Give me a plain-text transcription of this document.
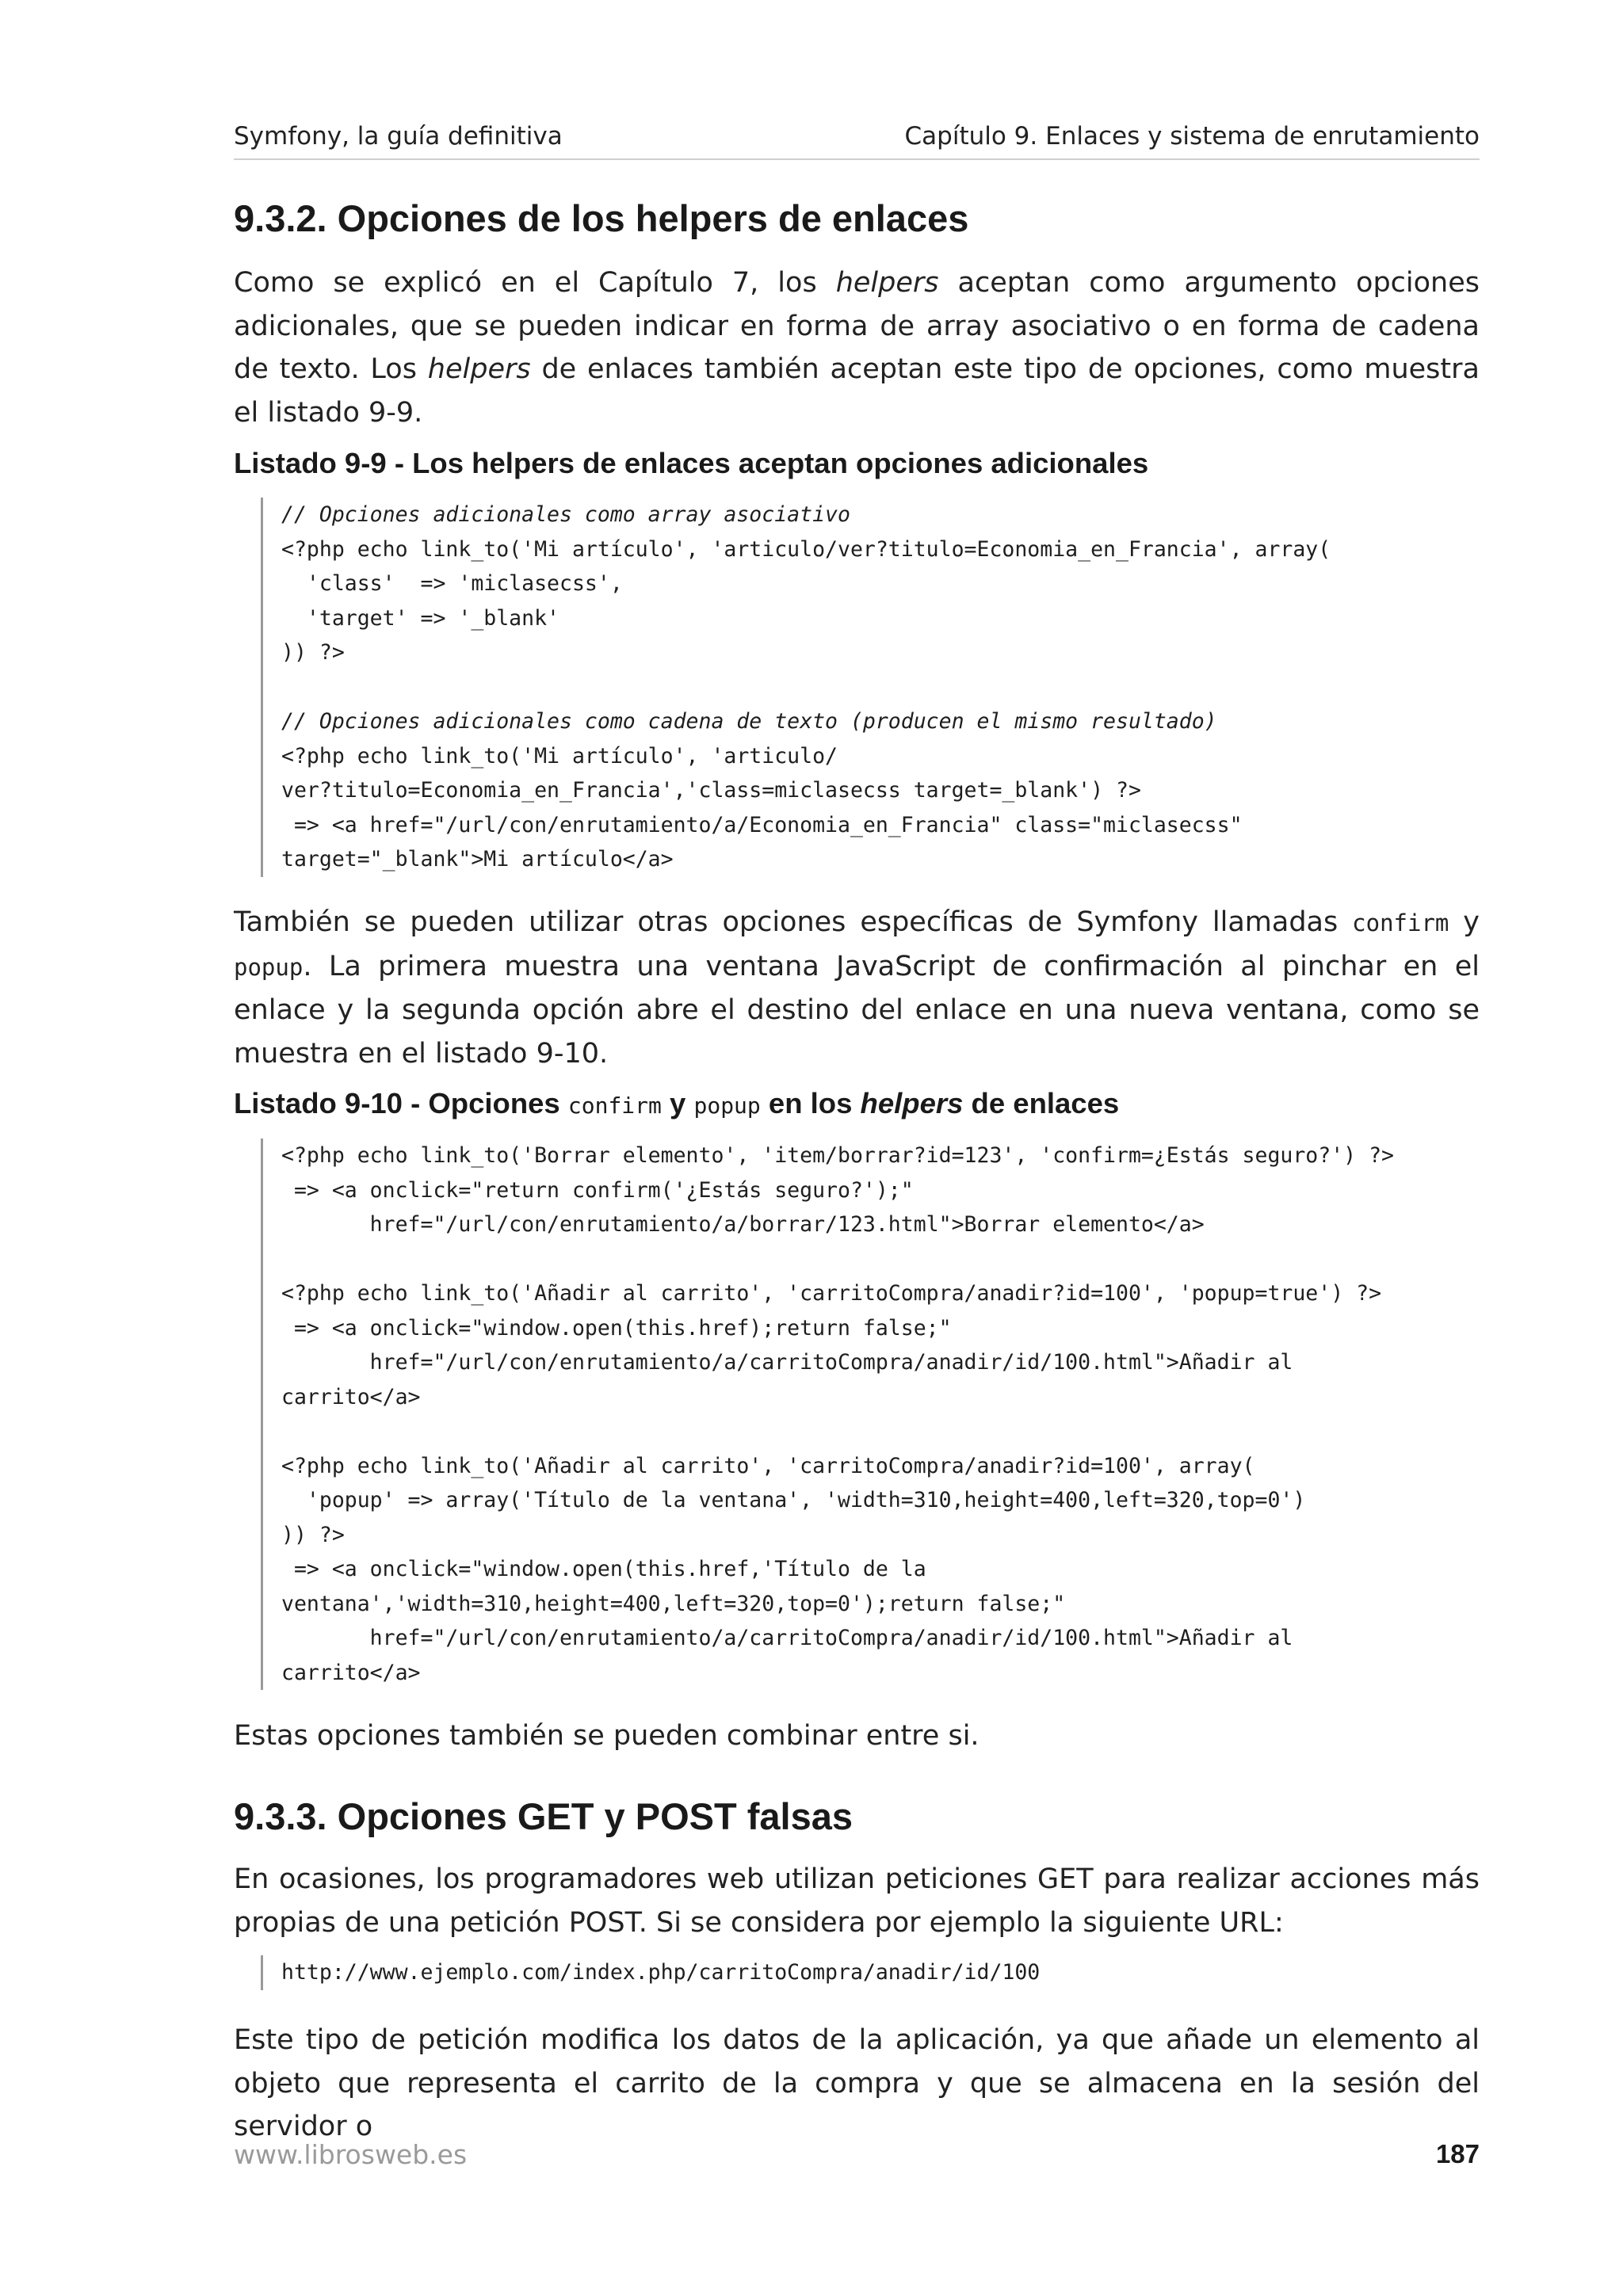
Symfony, la guía definitiva	Capítulo 9. Enlaces y sistema de enrutamiento
9.3.2. Opciones de los helpers de enlaces

Como se explicó en el Capítulo 7, los helpers aceptan como argumento opciones adicionales, que se pueden indicar en forma de array asociativo o en forma de cadena de texto. Los helpers de enlaces también aceptan este tipo de opciones, como muestra el listado 9-9.

Listado 9-9 - Los helpers de enlaces aceptan opciones adicionales

// Opciones adicionales como array asociativo
<?php echo link_to('Mi artículo', 'articulo/ver?titulo=Economia_en_Francia', array(
'class'  => 'miclasecss',
'target' => '_blank'
)) ?>

// Opciones adicionales como cadena de texto (producen el mismo resultado)
<?php echo link_to('Mi artículo', 'articulo/
ver?titulo=Economia_en_Francia','class=miclasecss target=_blank') ?>
=> <a href="/url/con/enrutamiento/a/Economia_en_Francia" class="miclasecss"
target="_blank">Mi artículo</a>

También se pueden utilizar otras opciones específicas de Symfony llamadas confirm y popup. La primera muestra una ventana JavaScript de confirmación al pinchar en el enlace y la segunda opción abre el destino del enlace en una nueva ventana, como se muestra en el listado 9-10.

Listado 9-10 - Opciones confirm y popup en los helpers de enlaces

<?php echo link_to('Borrar elemento', 'item/borrar?id=123', 'confirm=¿Estás seguro?') ?>
=> <a onclick="return confirm('¿Estás seguro?');"
href="/url/con/enrutamiento/a/borrar/123.html">Borrar elemento</a>

<?php echo link_to('Añadir al carrito', 'carritoCompra/anadir?id=100', 'popup=true') ?>
=> <a onclick="window.open(this.href);return false;"
href="/url/con/enrutamiento/a/carritoCompra/anadir/id/100.html">Añadir al
carrito</a>

<?php echo link_to('Añadir al carrito', 'carritoCompra/anadir?id=100', array(
'popup' => array('Título de la ventana', 'width=310,height=400,left=320,top=0')
)) ?>
=> <a onclick="window.open(this.href,'Título de la
ventana','width=310,height=400,left=320,top=0');return false;"
href="/url/con/enrutamiento/a/carritoCompra/anadir/id/100.html">Añadir al
carrito</a>

Estas opciones también se pueden combinar entre si.

9.3.3. Opciones GET y POST falsas

En ocasiones, los programadores web utilizan peticiones GET para realizar acciones más propias de una petición POST. Si se considera por ejemplo la siguiente URL:

http://www.ejemplo.com/index.php/carritoCompra/anadir/id/100

Este tipo de petición modifica los datos de la aplicación, ya que añade un elemento al objeto que representa el carrito de la compra y que se almacena en la sesión del servidor o

www.librosweb.es	187
